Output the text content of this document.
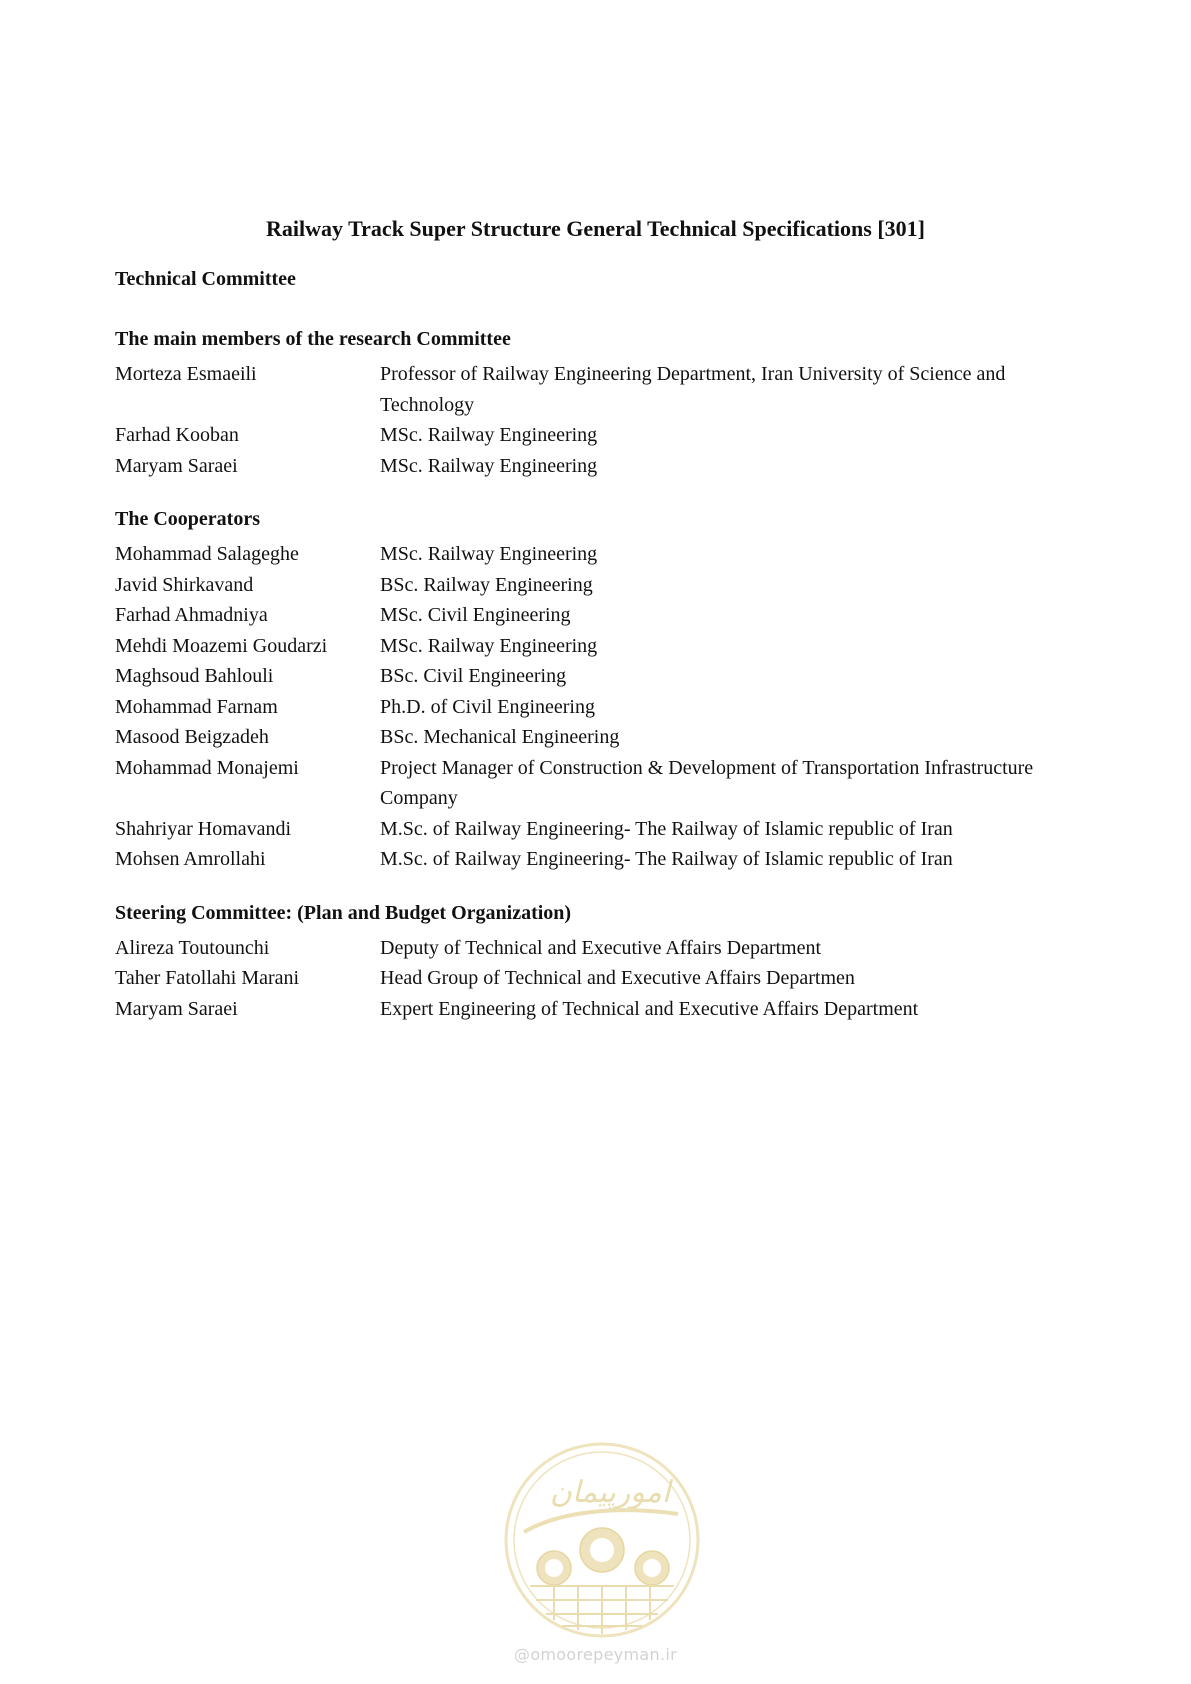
Railway Track Super Structure General Technical Specifications [301]

Technical Committee

The main members of the research Committee

Morteza Esmaeili	Professor of Railway Engineering Department, Iran University of Science and Technology
Farhad Kooban	MSc. Railway Engineering
Maryam Saraei	MSc. Railway Engineering

The Cooperators

Mohammad Salageghe	MSc. Railway Engineering
Javid Shirkavand	BSc. Railway Engineering
Farhad Ahmadniya	MSc. Civil Engineering
Mehdi Moazemi Goudarzi	MSc. Railway Engineering
Maghsoud Bahlouli	BSc. Civil Engineering
Mohammad Farnam	Ph.D. of Civil Engineering
Masood Beigzadeh	BSc. Mechanical Engineering
Mohammad Monajemi	Project Manager of Construction & Development of Transportation Infrastructure Company
Shahriyar Homavandi	M.Sc. of Railway Engineering- The Railway of Islamic republic of Iran
Mohsen Amrollahi	M.Sc. of Railway Engineering- The Railway of Islamic republic of Iran

Steering Committee: (Plan and Budget Organization)

Alireza Toutounchi	Deputy of Technical and Executive Affairs Department
Taher Fatollahi Marani	Head Group of Technical and Executive Affairs Departmen
Maryam Saraei	Expert Engineering of Technical and Executive Affairs Department
امورپیمان
@omoorepeyman.ir
